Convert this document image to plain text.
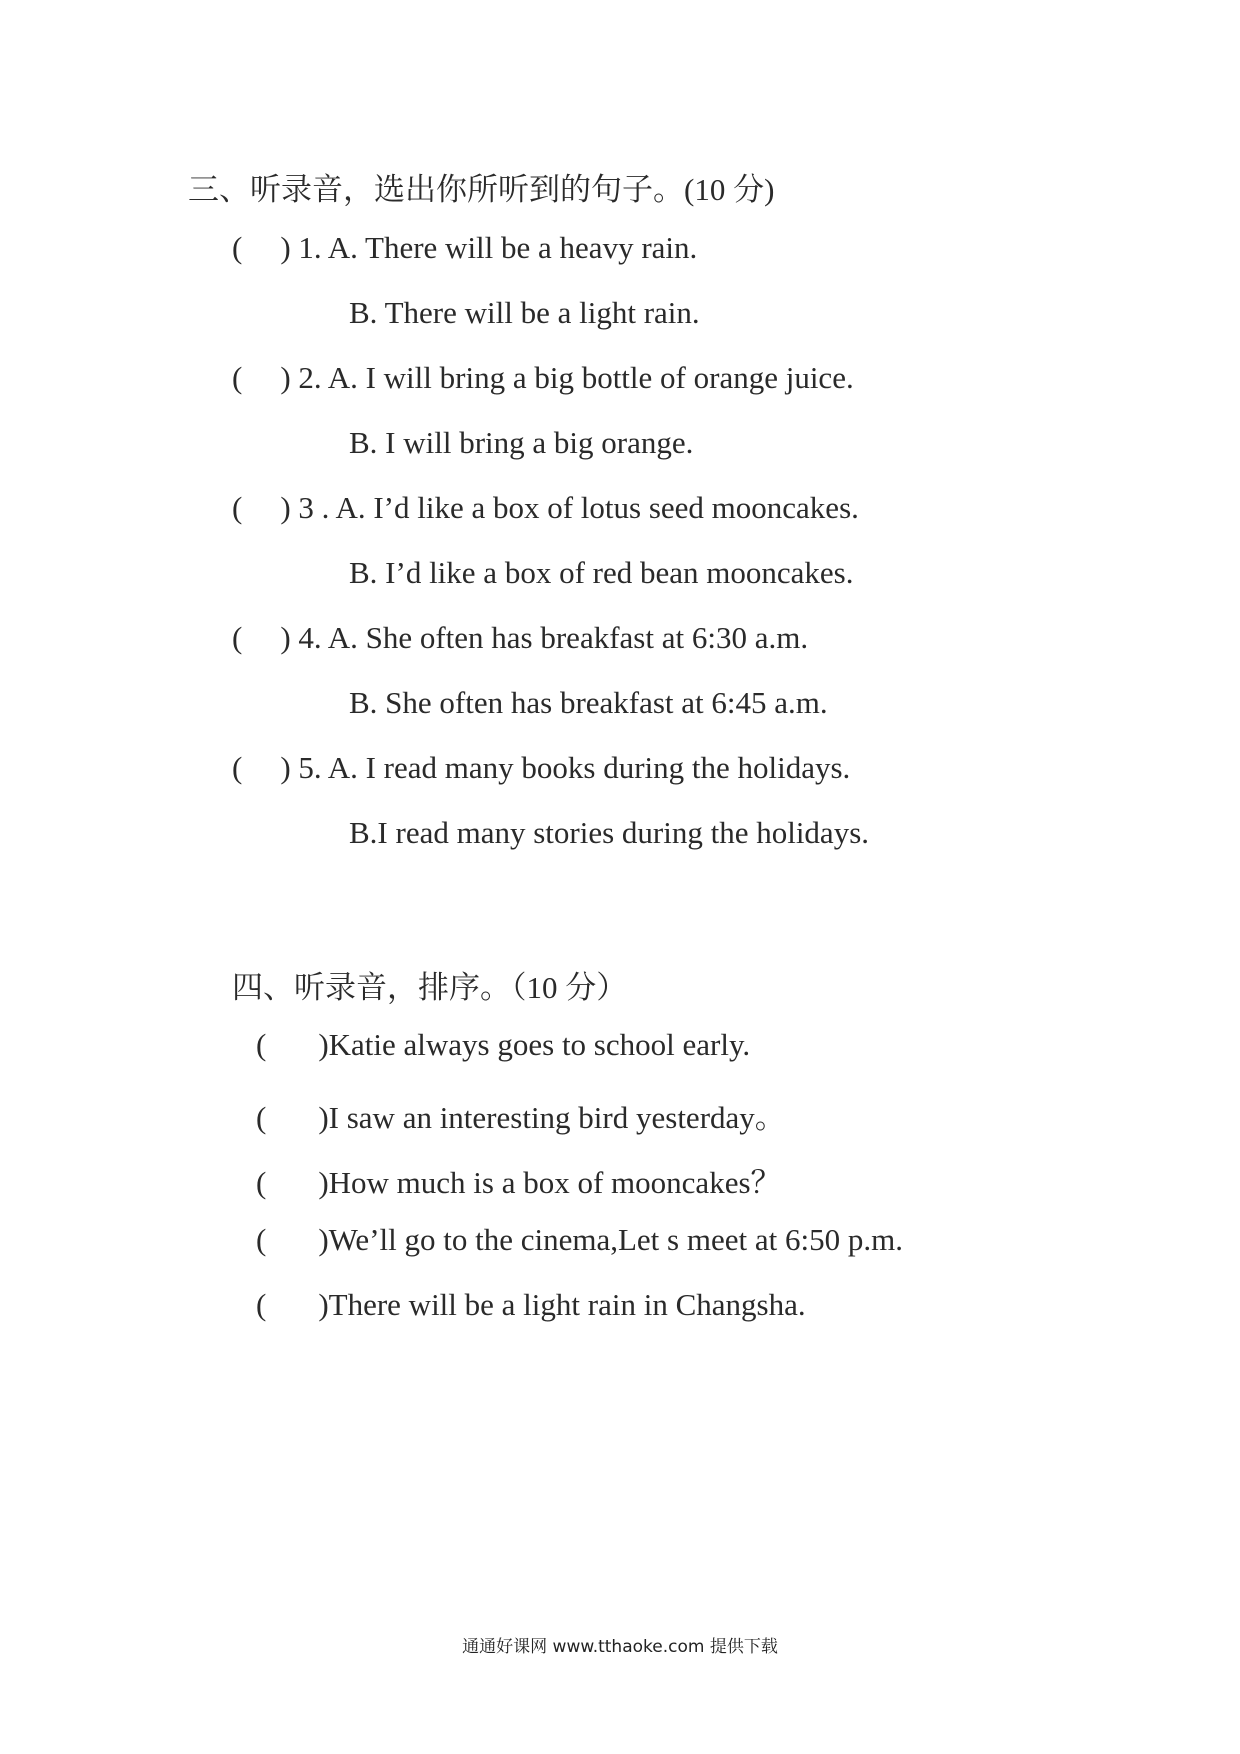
三、听录音，选出你所听到的句子。(10 分)
( ) 1. A. There will be a heavy rain.
B. There will be a light rain.
( ) 2. A. I will bring a big bottle of orange juice.
B. I will bring a big orange.
( ) 3 . A. I’d like a box of lotus seed mooncakes.
B. I’d like a box of red bean mooncakes.
( ) 4. A. She often has breakfast at 6:30 a.m.
B. She often has breakfast at 6:45 a.m.
( ) 5. A. I read many books during the holidays.
B.I read many stories during the holidays.
四、听录音，排序。（10 分）
( )Katie always goes to school early.
( )I saw an interesting bird yesterday。
( )How much is a box of mooncakes？
( )We’ll go to the cinema,Let s meet at 6:50 p.m.
( )There will be a light rain in Changsha.
通通好课网 www.tthaoke.com 提供下载
